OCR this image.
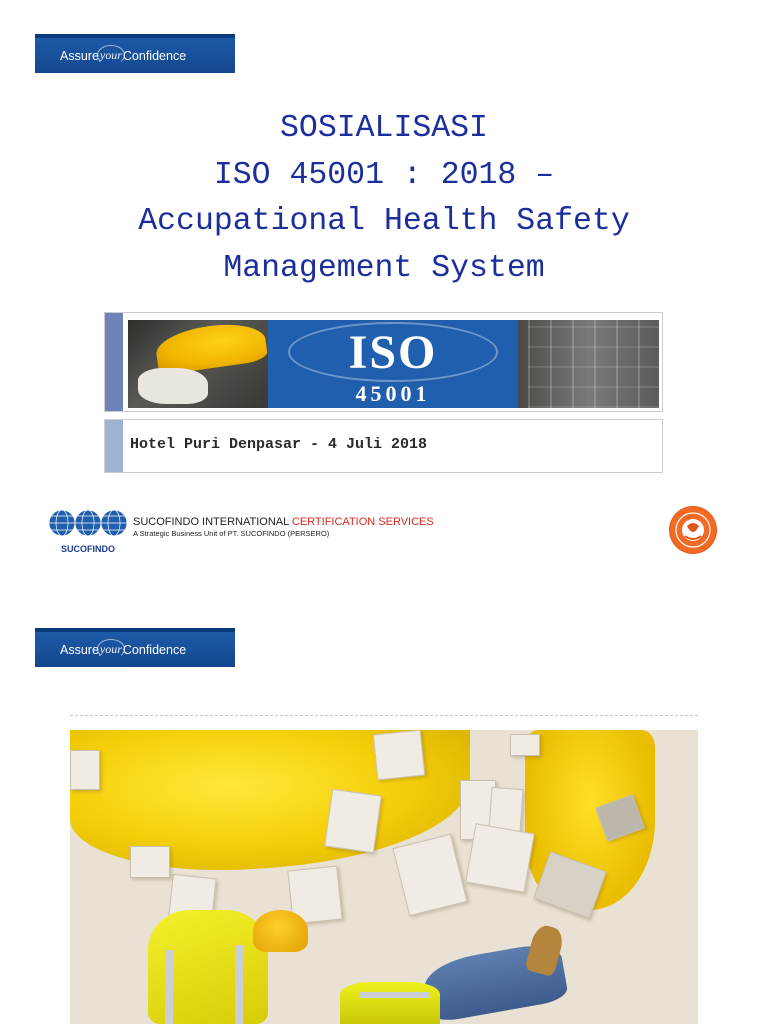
Assure your Confidence
SOSIALISASI
ISO 45001 : 2018 –
Accupational Health Safety
Management System
ISO
45001
Hotel Puri Denpasar - 4 Juli 2018
SUCOFINDO
SUCOFINDO INTERNATIONAL CERTIFICATION SERVICES
A Strategic Business Unit of PT. SUCOFINDO (PERSERO)
Assure your Confidence
